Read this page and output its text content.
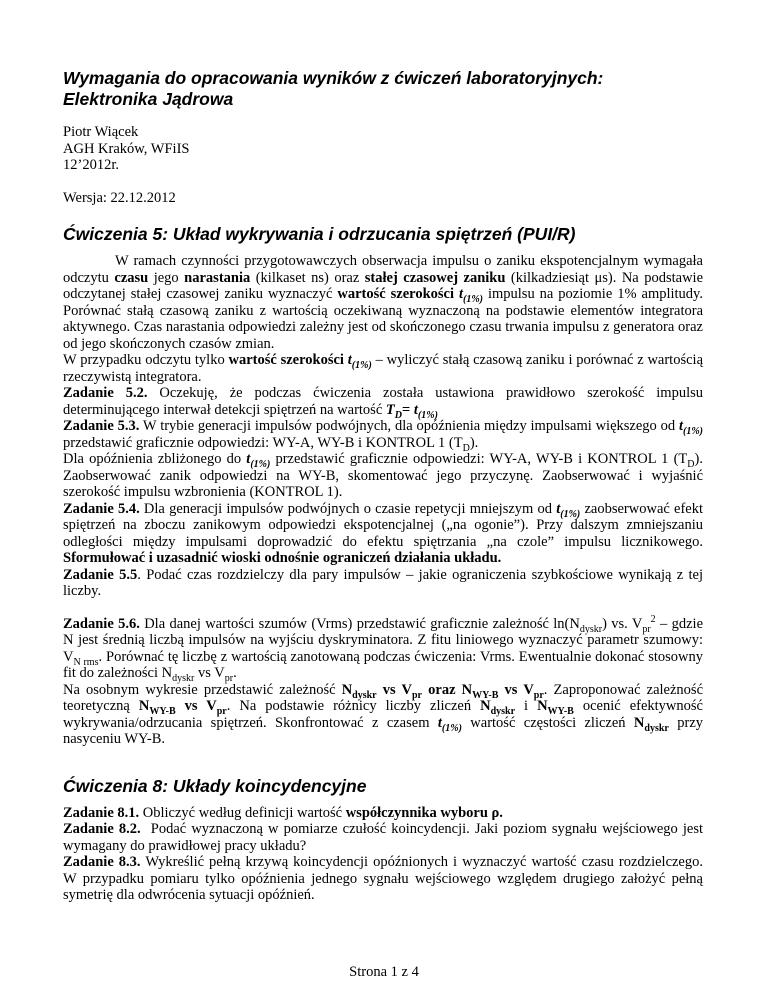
Wymagania do opracowania wyników z ćwiczeń laboratoryjnych:
Elektronika Jądrowa

Piotr Wiącek

AGH Kraków, WFiIS

12’2012r.

Wersja: 22.12.2012

Ćwiczenia 5: Układ wykrywania i odrzucania spiętrzeń (PUI/R)

W ramach czynności przygotowawczych obserwacja impulsu o zaniku ekspotencjalnym wymagała odczytu czasu jego narastania (kilkaset ns) oraz stałej czasowej zaniku (kilkadziesiąt μs). Na podstawie odczytanej stałej czasowej zaniku wyznaczyć wartość szerokości $t_{(1\%)}$ impulsu na poziomie 1% amplitudy. Porównać stałą czasową zaniku z wartością oczekiwaną wyznaczoną na podstawie elementów integratora aktywnego. Czas narastania odpowiedzi zależny jest od skończonego czasu trwania impulsu z generatora oraz od jego skończonych czasów zmian.

W przypadku odczytu tylko wartość szerokości $t_{(1\%)}$ – wyliczyć stałą czasową zaniku i porównać z wartością rzeczywistą integratora.

Zadanie 5.2. Oczekuję, że podczas ćwiczenia została ustawiona prawidłowo szerokość impulsu determinującego interwał detekcji spiętrzeń na wartość $T_D= t_{(1\%)}$

Zadanie 5.3. W trybie generacji impulsów podwójnych, dla opóźnienia między impulsami większego od $t_{(1\%)}$ przedstawić graficznie odpowiedzi: WY-A, WY-B i KONTROL 1 $(T_D)$.

Dla opóźnienia zbliżonego do $t_{(1\%)}$ przedstawić graficznie odpowiedzi: WY-A, WY-B i KONTROL 1 $(T_D)$. Zaobserwować zanik odpowiedzi na WY-B, skomentować jego przyczynę. Zaobserwować i wyjaśnić szerokość impulsu wzbronienia (KONTROL 1).

Zadanie 5.4. Dla generacji impulsów podwójnych o czasie repetycji mniejszym od $t_{(1\%)}$ zaobserwować efekt spiętrzeń na zboczu zanikowym odpowiedzi ekspotencjalnej („na ogonie”). Przy dalszym zmniejszaniu odległości między impulsami doprowadzić do efektu spiętrzania „na czole” impulsu licznikowego. Sformułować i uzasadnić wioski odnośnie ograniczeń działania układu.

Zadanie 5.5. Podać czas rozdzielczy dla pary impulsów – jakie ograniczenia szybkościowe wynikają z tej liczby.

Zadanie 5.6. Dla danej wartości szumów (Vrms) przedstawić graficznie zależność $\ln(N_{dyskr})$ vs. $V_{pr}^2$ – gdzie N jest średnią liczbą impulsów na wyjściu dyskryminatora. Z fitu liniowego wyznaczyć parametr szumowy: $V_{N rms}$. Porównać tę liczbę z wartością zanotowaną podczas ćwiczenia: Vrms. Ewentualnie dokonać stosowny fit do zależności $N_{dyskr}$ vs $V_{pr}$.

Na osobnym wykresie przedstawić zależność $N_{dyskr}$ vs $V_{pr}$ oraz $N_{WY-B}$ vs $V_{pr}$. Zaproponować zależność teoretyczną $N_{WY-B}$ vs $V_{pr}$. Na podstawie różnicy liczby zliczeń $N_{dyskr}$ i $N_{WY-B}$ ocenić efektywność wykrywania/odrzucania spiętrzeń. Skonfrontować z czasem $t_{(1\%)}$ wartość częstości zliczeń $N_{dyskr}$ przy nasyceniu WY-B.

Ćwiczenia 8: Układy koincydencyjne

Zadanie 8.1. Obliczyć według definicji wartość współczynnika wyboru ρ.

Zadanie 8.2.  Podać wyznaczoną w pomiarze czułość koincydencji. Jaki poziom sygnału wejściowego jest wymagany do prawidłowej pracy układu?

Zadanie 8.3. Wykreślić pełną krzywą koincydencji opóźnionych i wyznaczyć wartość czasu rozdzielczego. W przypadku pomiaru tylko opóźnienia jednego sygnału wejściowego względem drugiego założyć pełną symetrię dla odwrócenia sytuacji opóźnień.

Strona 1 z 4
